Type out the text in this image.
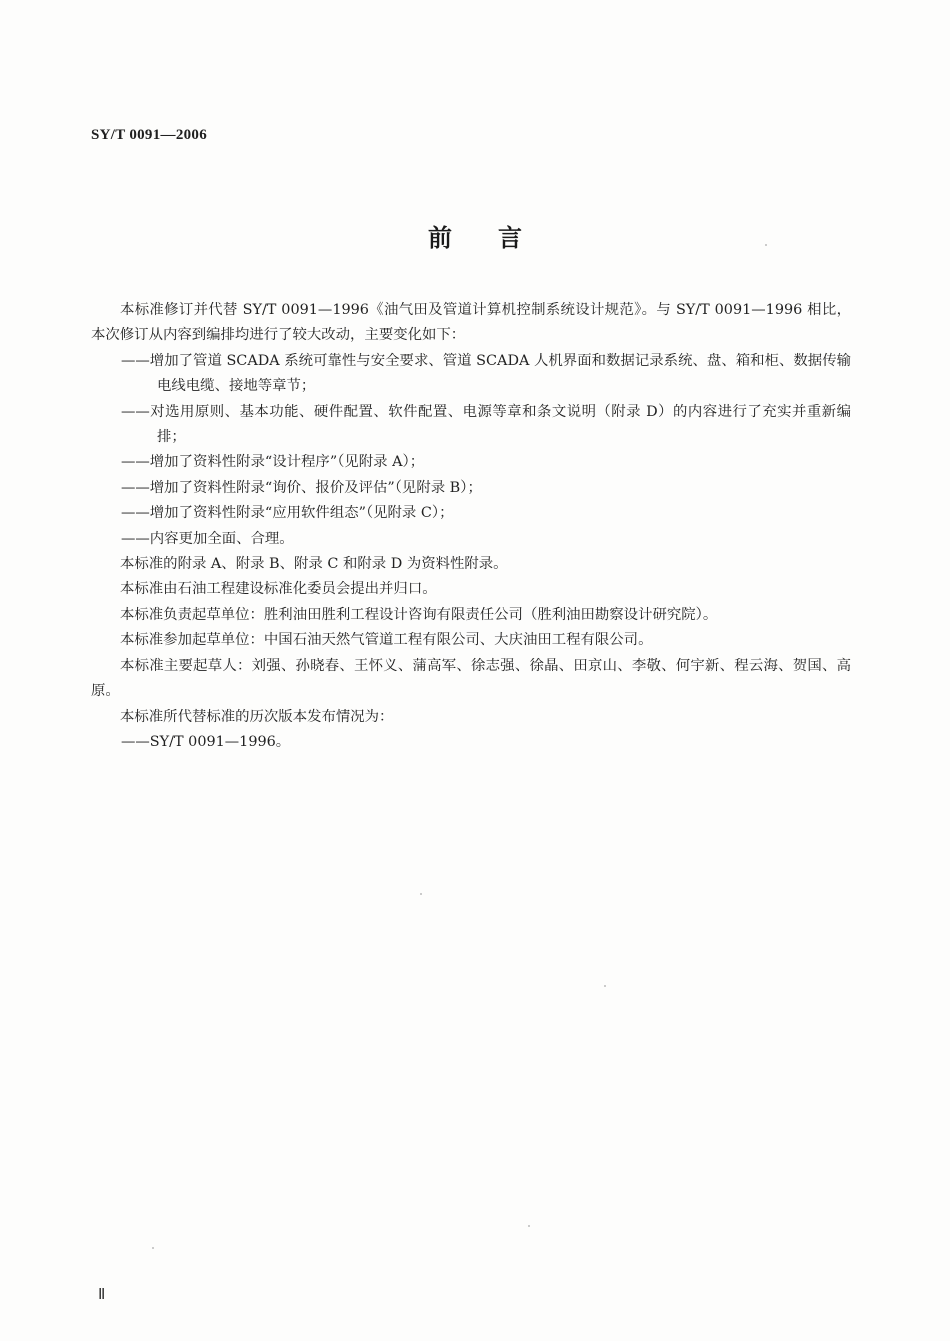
SY/T 0091—2006
前言

本标准修订并代替 SY/T 0091—1996《油气田及管道计算机控制系统设计规范》。与 SY/T 0091—1996 相比，本次修订从内容到编排均进行了较大改动，主要变化如下：

——增加了管道 SCADA 系统可靠性与安全要求、管道 SCADA 人机界面和数据记录系统、盘、箱和柜、数据传输电线电缆、接地等章节；

——对选用原则、基本功能、硬件配置、软件配置、电源等章和条文说明（附录 D）的内容进行了充实并重新编排；

——增加了资料性附录“设计程序”（见附录 A）；

——增加了资料性附录“询价、报价及评估”（见附录 B）；

——增加了资料性附录“应用软件组态”（见附录 C）；

——内容更加全面、合理。

本标准的附录 A、附录 B、附录 C 和附录 D 为资料性附录。

本标准由石油工程建设标准化委员会提出并归口。

本标准负责起草单位：胜利油田胜利工程设计咨询有限责任公司（胜利油田勘察设计研究院）。

本标准参加起草单位：中国石油天然气管道工程有限公司、大庆油田工程有限公司。

本标准主要起草人：刘强、孙晓春、王怀义、蒲高军、徐志强、徐晶、田京山、李敬、何宇新、程云海、贺国、高原。

本标准所代替标准的历次版本发布情况为：

——SY/T 0091—1996。

Ⅱ
